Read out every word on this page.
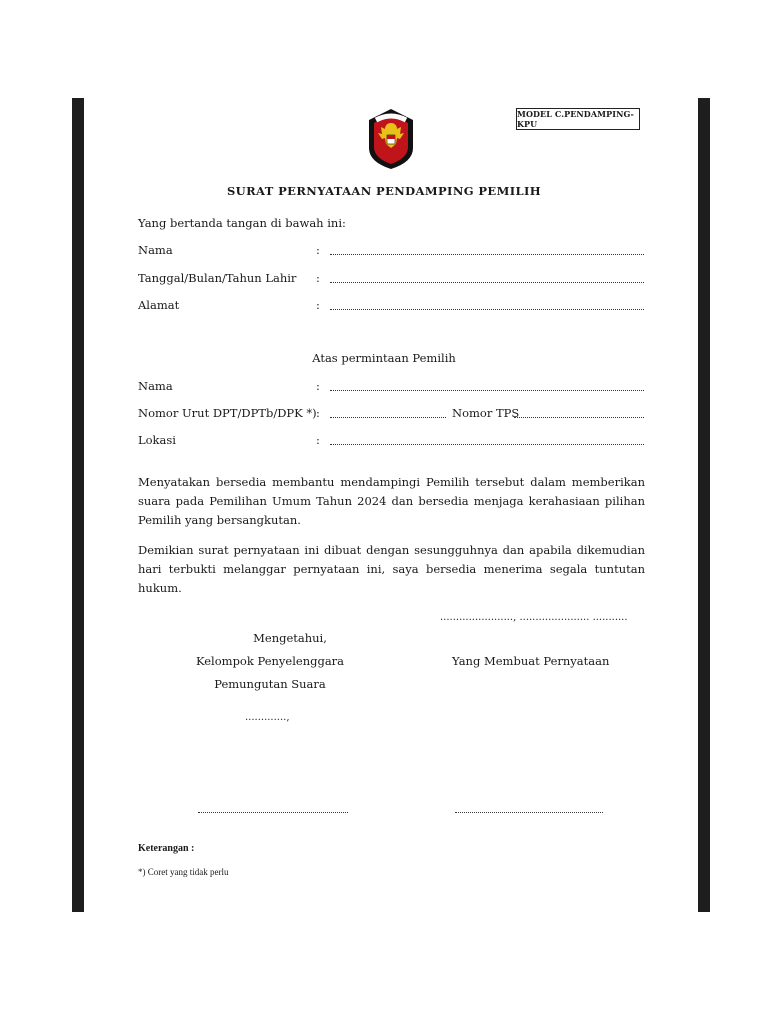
MODEL C.PENDAMPING-KPU
SURAT PERNYATAAN PENDAMPING PEMILIH
Yang bertanda tangan di bawah ini:
Nama	:
Tanggal/Bulan/Tahun Lahir :
Alamat	:
Atas permintaan Pemilih
Nama	:
Nomor Urut DPT/DPTb/DPK *) :	Nomor TPS
Lokasi	:
Menyatakan bersedia membantu mendampingi Pemilih tersebut dalam memberikan suara pada Pemilihan Umum Tahun 2024 dan bersedia menjaga kerahasiaan pilihan Pemilih yang bersangkutan.
Demikian surat pernyataan ini dibuat dengan sesungguhnya dan apabila dikemudian hari terbukti melanggar pernyataan ini, saya bersedia menerima segala tuntutan hukum.
......................., ...................... ...........
Mengetahui,
Kelompok Penyelenggara
Pemungutan Suara
.............,
Yang Membuat Pernyataan
Keterangan :
*) Coret yang tidak perlu
